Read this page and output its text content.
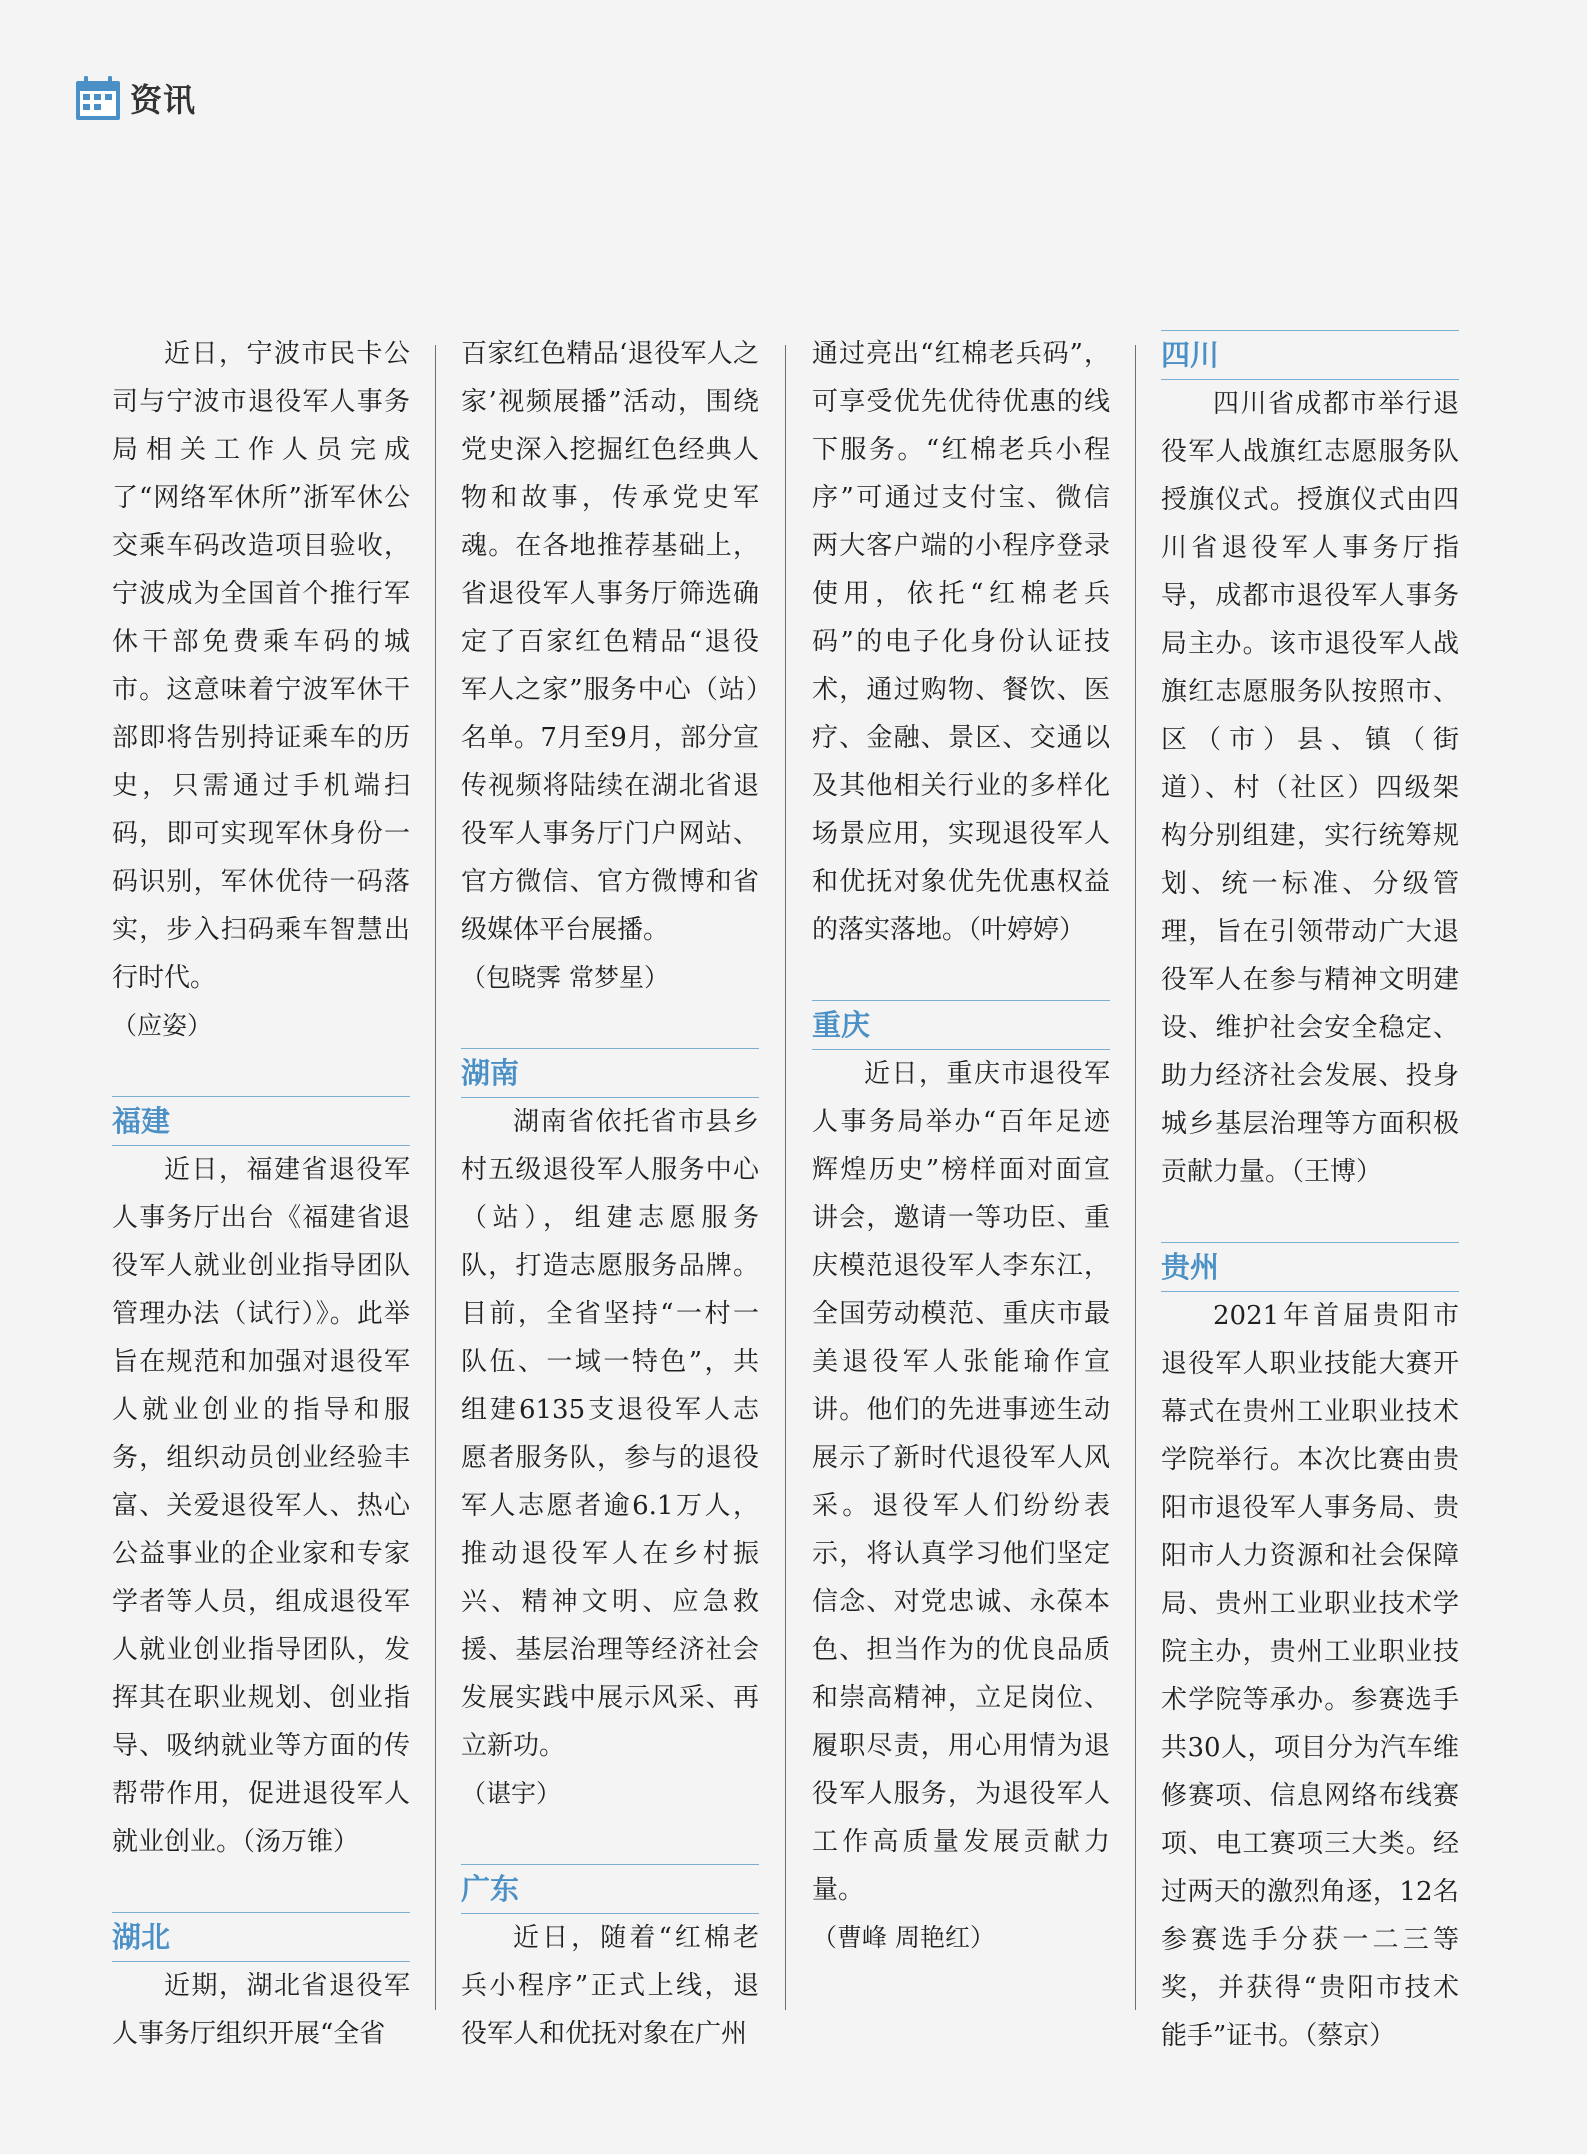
资讯

近日，宁波市民卡公司与宁波市退役军人事务局相关工作人员完成了“网络军休所”浙军休公交乘车码改造项目验收，宁波成为全国首个推行军休干部免费乘车码的城市。这意味着宁波军休干部即将告别持证乘车的历史，只需通过手机端扫码，即可实现军休身份一码识别，军休优待一码落实，步入扫码乘车智慧出行时代。

（应姿）

福建

近日，福建省退役军人事务厅出台《福建省退役军人就业创业指导团队管理办法（试行）》。此举旨在规范和加强对退役军人就业创业的指导和服务，组织动员创业经验丰富、关爱退役军人、热心公益事业的企业家和专家学者等人员，组成退役军人就业创业指导团队，发挥其在职业规划、创业指导、吸纳就业等方面的传帮带作用，促进退役军人就业创业。（汤万锥）

湖北

近期，湖北省退役军人事务厅组织开展“全省

百家红色精品‘退役军人之家’视频展播”活动，围绕党史深入挖掘红色经典人物和故事，传承党史军魂。在各地推荐基础上，省退役军人事务厅筛选确定了百家红色精品“退役军人之家”服务中心（站）名单。7月至9月，部分宣传视频将陆续在湖北省退役军人事务厅门户网站、官方微信、官方微博和省级媒体平台展播。

（包晓霁 常梦星）

湖南

湖南省依托省市县乡村五级退役军人服务中心（站），组建志愿服务队，打造志愿服务品牌。目前，全省坚持“一村一队伍、一域一特色”，共组建6135支退役军人志愿者服务队，参与的退役军人志愿者逾6.1万人，推动退役军人在乡村振兴、精神文明、应急救援、基层治理等经济社会发展实践中展示风采、再立新功。

（谌宇）

广东

近日，随着“红棉老兵小程序”正式上线，退役军人和优抚对象在广州

通过亮出“红棉老兵码”，可享受优先优待优惠的线下服务。“红棉老兵小程序”可通过支付宝、微信两大客户端的小程序登录使用，依托“红棉老兵码”的电子化身份认证技术，通过购物、餐饮、医疗、金融、景区、交通以及其他相关行业的多样化场景应用，实现退役军人和优抚对象优先优惠权益的落实落地。（叶婷婷）

重庆

近日，重庆市退役军人事务局举办“百年足迹 辉煌历史”榜样面对面宣讲会，邀请一等功臣、重庆模范退役军人李东江，全国劳动模范、重庆市最美退役军人张能瑜作宣讲。他们的先进事迹生动展示了新时代退役军人风采。退役军人们纷纷表示，将认真学习他们坚定信念、对党忠诚、永葆本色、担当作为的优良品质和崇高精神，立足岗位、履职尽责，用心用情为退役军人服务，为退役军人工作高质量发展贡献力量。

（曹峰 周艳红）

四川

四川省成都市举行退役军人战旗红志愿服务队授旗仪式。授旗仪式由四川省退役军人事务厅指导，成都市退役军人事务局主办。该市退役军人战旗红志愿服务队按照市、区（市）县、镇（街道）、村（社区）四级架构分别组建，实行统筹规划、统一标准、分级管理，旨在引领带动广大退役军人在参与精神文明建设、维护社会安全稳定、助力经济社会发展、投身城乡基层治理等方面积极贡献力量。（王博）

贵州

2021年首届贵阳市退役军人职业技能大赛开幕式在贵州工业职业技术学院举行。本次比赛由贵阳市退役军人事务局、贵阳市人力资源和社会保障局、贵州工业职业技术学院主办，贵州工业职业技术学院等承办。参赛选手共30人，项目分为汽车维修赛项、信息网络布线赛项、电工赛项三大类。经过两天的激烈角逐，12名参赛选手分获一二三等奖，并获得“贵阳市技术能手”证书。（蔡京）
